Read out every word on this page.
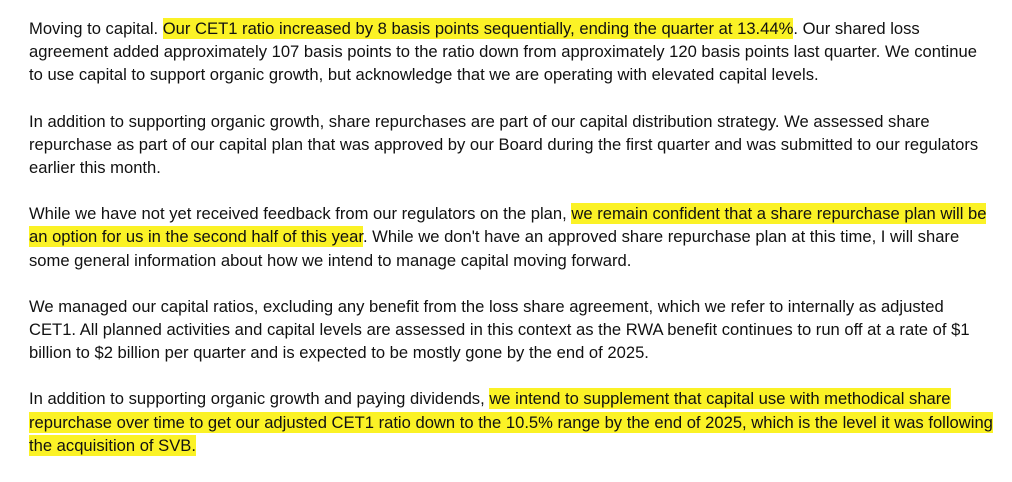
Moving to capital. Our CET1 ratio increased by 8 basis points sequentially, ending the quarter at 13.44%. Our shared loss agreement added approximately 107 basis points to the ratio down from approximately 120 basis points last quarter. We continue to use capital to support organic growth, but acknowledge that we are operating with elevated capital levels.

In addition to supporting organic growth, share repurchases are part of our capital distribution strategy. We assessed share repurchase as part of our capital plan that was approved by our Board during the first quarter and was submitted to our regulators earlier this month.

While we have not yet received feedback from our regulators on the plan, we remain confident that a share repurchase plan will be an option for us in the second half of this year. While we don't have an approved share repurchase plan at this time, I will share some general information about how we intend to manage capital moving forward.

We managed our capital ratios, excluding any benefit from the loss share agreement, which we refer to internally as adjusted CET1. All planned activities and capital levels are assessed in this context as the RWA benefit continues to run off at a rate of $1 billion to $2 billion per quarter and is expected to be mostly gone by the end of 2025.

In addition to supporting organic growth and paying dividends, we intend to supplement that capital use with methodical share repurchase over time to get our adjusted CET1 ratio down to the 10.5% range by the end of 2025, which is the level it was following the acquisition of SVB.
